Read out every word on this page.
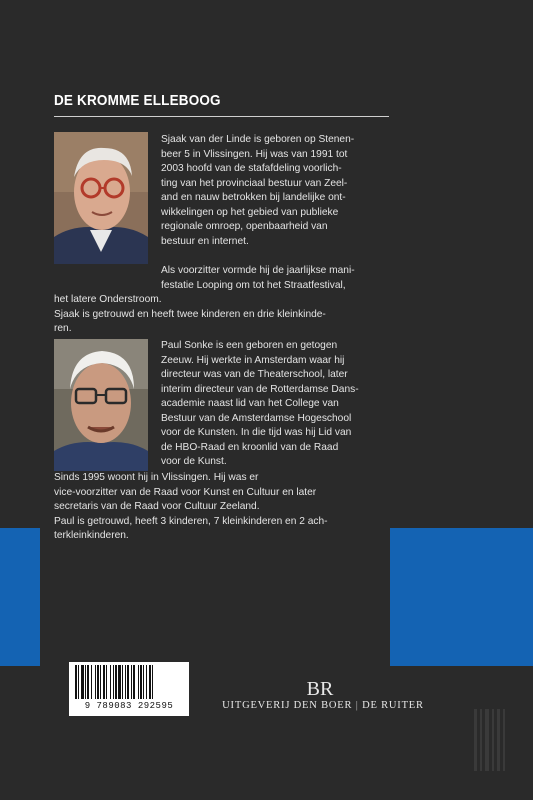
DE KROMME ELLEBOOG
Sjaak van der Linde is geboren op Stenen-
beer 5 in Vlissingen. Hij was van 1991 tot
2003 hoofd van de stafafdeling voorlich-
ting van het provinciaal bestuur van Zeel-
and en nauw betrokken bij landelijke ont-
wikkelingen op het gebied van publieke
regionale omroep, openbaarheid van
bestuur en internet.
Als voorzitter vormde hij de jaarlijkse mani-
festatie Looping om tot het Straatfestival,
het latere Onderstroom.
Sjaak is getrouwd en heeft twee kinderen en drie kleinkinde-
ren.
Paul Sonke is een geboren en getogen
Zeeuw. Hij werkte in Amsterdam waar hij
directeur was van de Theaterschool, later
interim directeur van de Rotterdamse Dans-
academie naast lid van het College van
Bestuur van de Amsterdamse Hogeschool
voor de Kunsten. In die tijd was hij Lid van
de HBO-Raad en kroonlid van de Raad
voor de Kunst.
Sinds 1995 woont hij in Vlissingen. Hij was er
vice-voorzitter van de Raad voor Kunst en Cultuur en later
secretaris van de Raad voor Cultuur Zeeland.
Paul is getrouwd, heeft 3 kinderen, 7 kleinkinderen en 2 ach-
terkleinkinderen.
9 789083 292595
BR
UITGEVERIJ DEN BOER | DE RUITER
